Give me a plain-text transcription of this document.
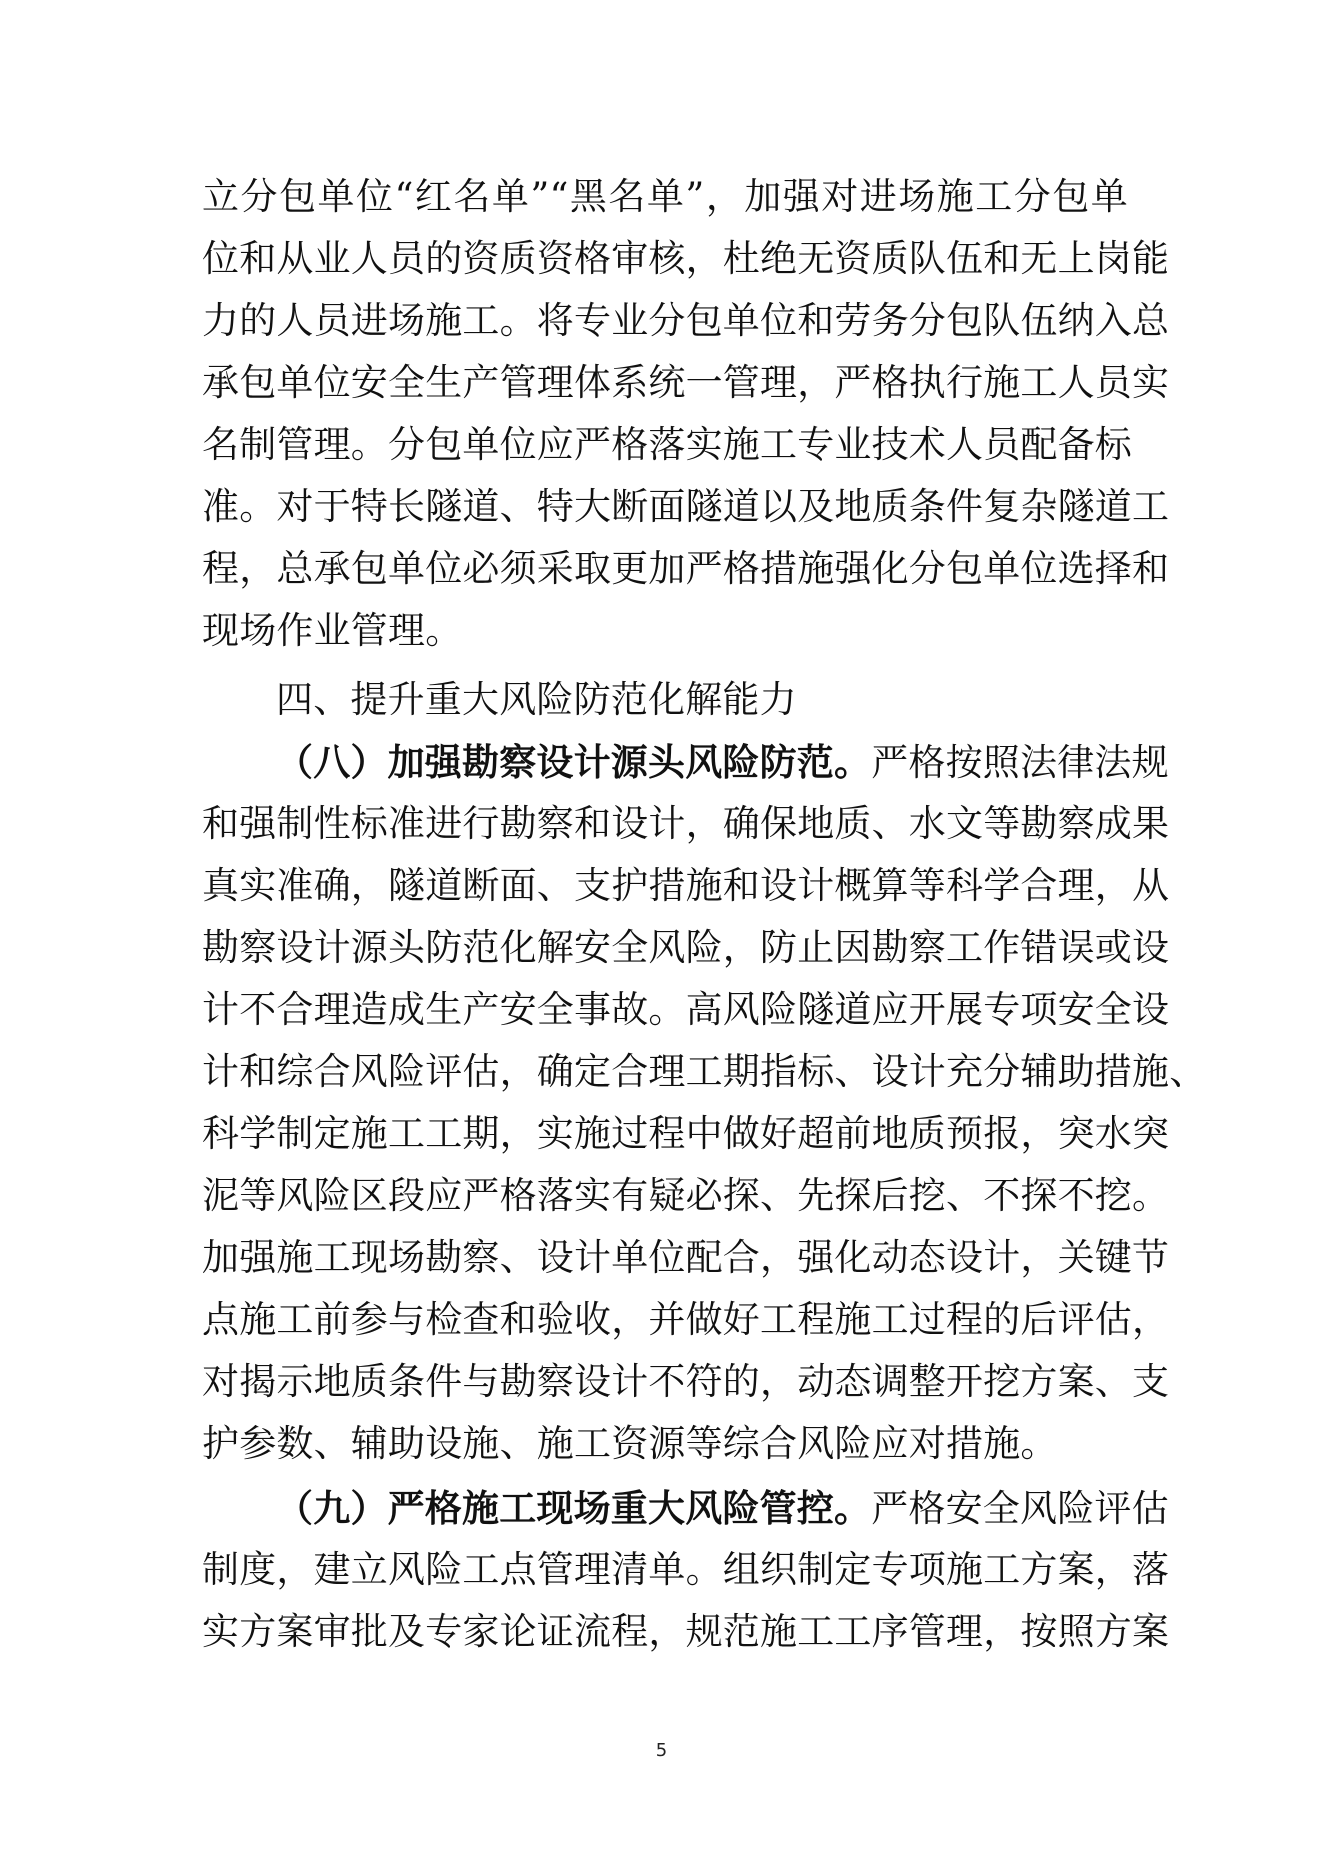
立分包单位“红名单”“黑名单”，加强对进场施工分包单
位和从业人员的资质资格审核，杜绝无资质队伍和无上岗能
力的人员进场施工。将专业分包单位和劳务分包队伍纳入总
承包单位安全生产管理体系统一管理，严格执行施工人员实
名制管理。分包单位应严格落实施工专业技术人员配备标
准。对于特长隧道、特大断面隧道以及地质条件复杂隧道工
程，总承包单位必须采取更加严格措施强化分包单位选择和
现场作业管理。
四、提升重大风险防范化解能力
（八）加强勘察设计源头风险防范。严格按照法律法规
和强制性标准进行勘察和设计，确保地质、水文等勘察成果
真实准确，隧道断面、支护措施和设计概算等科学合理，从
勘察设计源头防范化解安全风险，防止因勘察工作错误或设
计不合理造成生产安全事故。高风险隧道应开展专项安全设
计和综合风险评估，确定合理工期指标、设计充分辅助措施、
科学制定施工工期，实施过程中做好超前地质预报，突水突
泥等风险区段应严格落实有疑必探、先探后挖、不探不挖。
加强施工现场勘察、设计单位配合，强化动态设计，关键节
点施工前参与检查和验收，并做好工程施工过程的后评估，
对揭示地质条件与勘察设计不符的，动态调整开挖方案、支
护参数、辅助设施、施工资源等综合风险应对措施。
（九）严格施工现场重大风险管控。严格安全风险评估
制度，建立风险工点管理清单。组织制定专项施工方案，落
实方案审批及专家论证流程，规范施工工序管理，按照方案
5
